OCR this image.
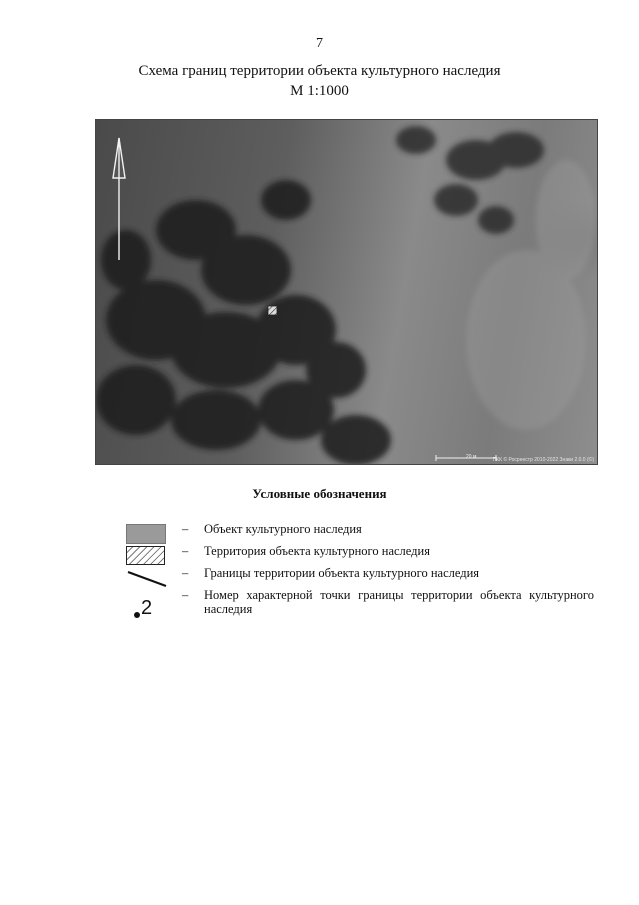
7
Схема границ территории объекта культурного наследия
М 1:1000
20 м	ПКК © Росреестр 2010-2022 Знаки 2.0.0 (©)
Условные обозначения
– Объект культурного наследия
– Территория объекта культурного наследия
– Границы территории объекта культурного наследия
2
– Номер характерной точки границы территории объекта культурного наследия
